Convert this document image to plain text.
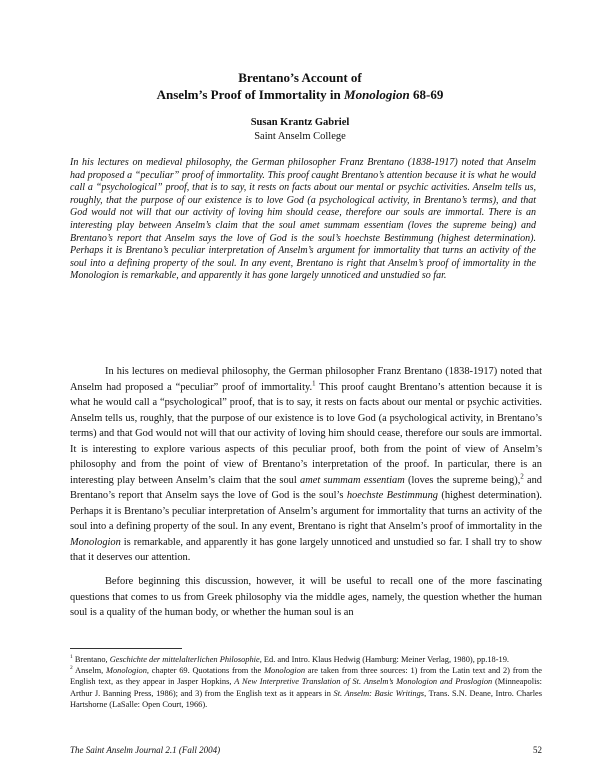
Brentano’s Account of
Anselm’s Proof of Immortality in Monologion 68-69
Susan Krantz Gabriel
Saint Anselm College

In his lectures on medieval philosophy, the German philosopher Franz Brentano (1838-1917) noted that Anselm had proposed a “peculiar” proof of immortality. This proof caught Brentano’s attention because it is what he would call a “psychological” proof, that is to say, it rests on facts about our mental or psychic activities. Anselm tells us, roughly, that the purpose of our existence is to love God (a psychological activity, in Brentano’s terms), and that God would not will that our activity of loving him should cease, therefore our souls are immortal. There is an interesting play between Anselm’s claim that the soul amet summam essentiam (loves the supreme being) and Brentano’s report that Anselm says the love of God is the soul’s hoechste Bestimmung (highest determination). Perhaps it is Brentano’s peculiar interpretation of Anselm’s argument for immortality that turns an activity of the soul into a defining property of the soul. In any event, Brentano is right that Anselm’s proof of immortality in the Monologion is remarkable, and apparently it has gone largely unnoticed and unstudied so far.

In his lectures on medieval philosophy, the German philosopher Franz Brentano (1838-1917) noted that Anselm had proposed a “peculiar” proof of immortality.$^1$ This proof caught Brentano’s attention because it is what he would call a “psychological” proof, that is to say, it rests on facts about our mental or psychic activities. Anselm tells us, roughly, that the purpose of our existence is to love God (a psychological activity, in Brentano’s terms) and that God would not will that our activity of loving him should cease, therefore our souls are immortal. It is interesting to explore various aspects of this peculiar proof, both from the point of view of Anselm’s philosophy and from the point of view of Brentano’s interpretation of the proof. In particular, there is an interesting play between Anselm’s claim that the soul amet summam essentiam (loves the supreme being),$^2$ and Brentano’s report that Anselm says the love of God is the soul’s hoechste Bestimmung (highest determination). Perhaps it is Brentano’s peculiar interpretation of Anselm’s argument for immortality that turns an activity of the soul into a defining property of the soul. In any event, Brentano is right that Anselm’s proof of immortality in the Monologion is remarkable, and apparently it has gone largely unnoticed and unstudied so far. I shall try to show that it deserves our attention.

Before beginning this discussion, however, it will be useful to recall one of the more fascinating questions that comes to us from Greek philosophy via the middle ages, namely, the question whether the human soul is a quality of the human body, or whether the human soul is an

$^1$ Brentano, Geschichte der mittelalterlichen Philosophie, Ed. and Intro. Klaus Hedwig (Hamburg: Meiner Verlag, 1980), pp.18-19.

$^2$ Anselm, Monologion, chapter 69. Quotations from the Monologion are taken from three sources: 1) from the Latin text and 2) from the English text, as they appear in Jasper Hopkins, A New Interpretive Translation of St. Anselm’s Monologion and Proslogion (Minneapolis: Arthur J. Banning Press, 1986); and 3) from the English text as it appears in St. Anselm: Basic Writings, Trans. S.N. Deane, Intro. Charles Hartshorne (LaSalle: Open Court, 1966).

The Saint Anselm Journal 2.1 (Fall 2004)	52
